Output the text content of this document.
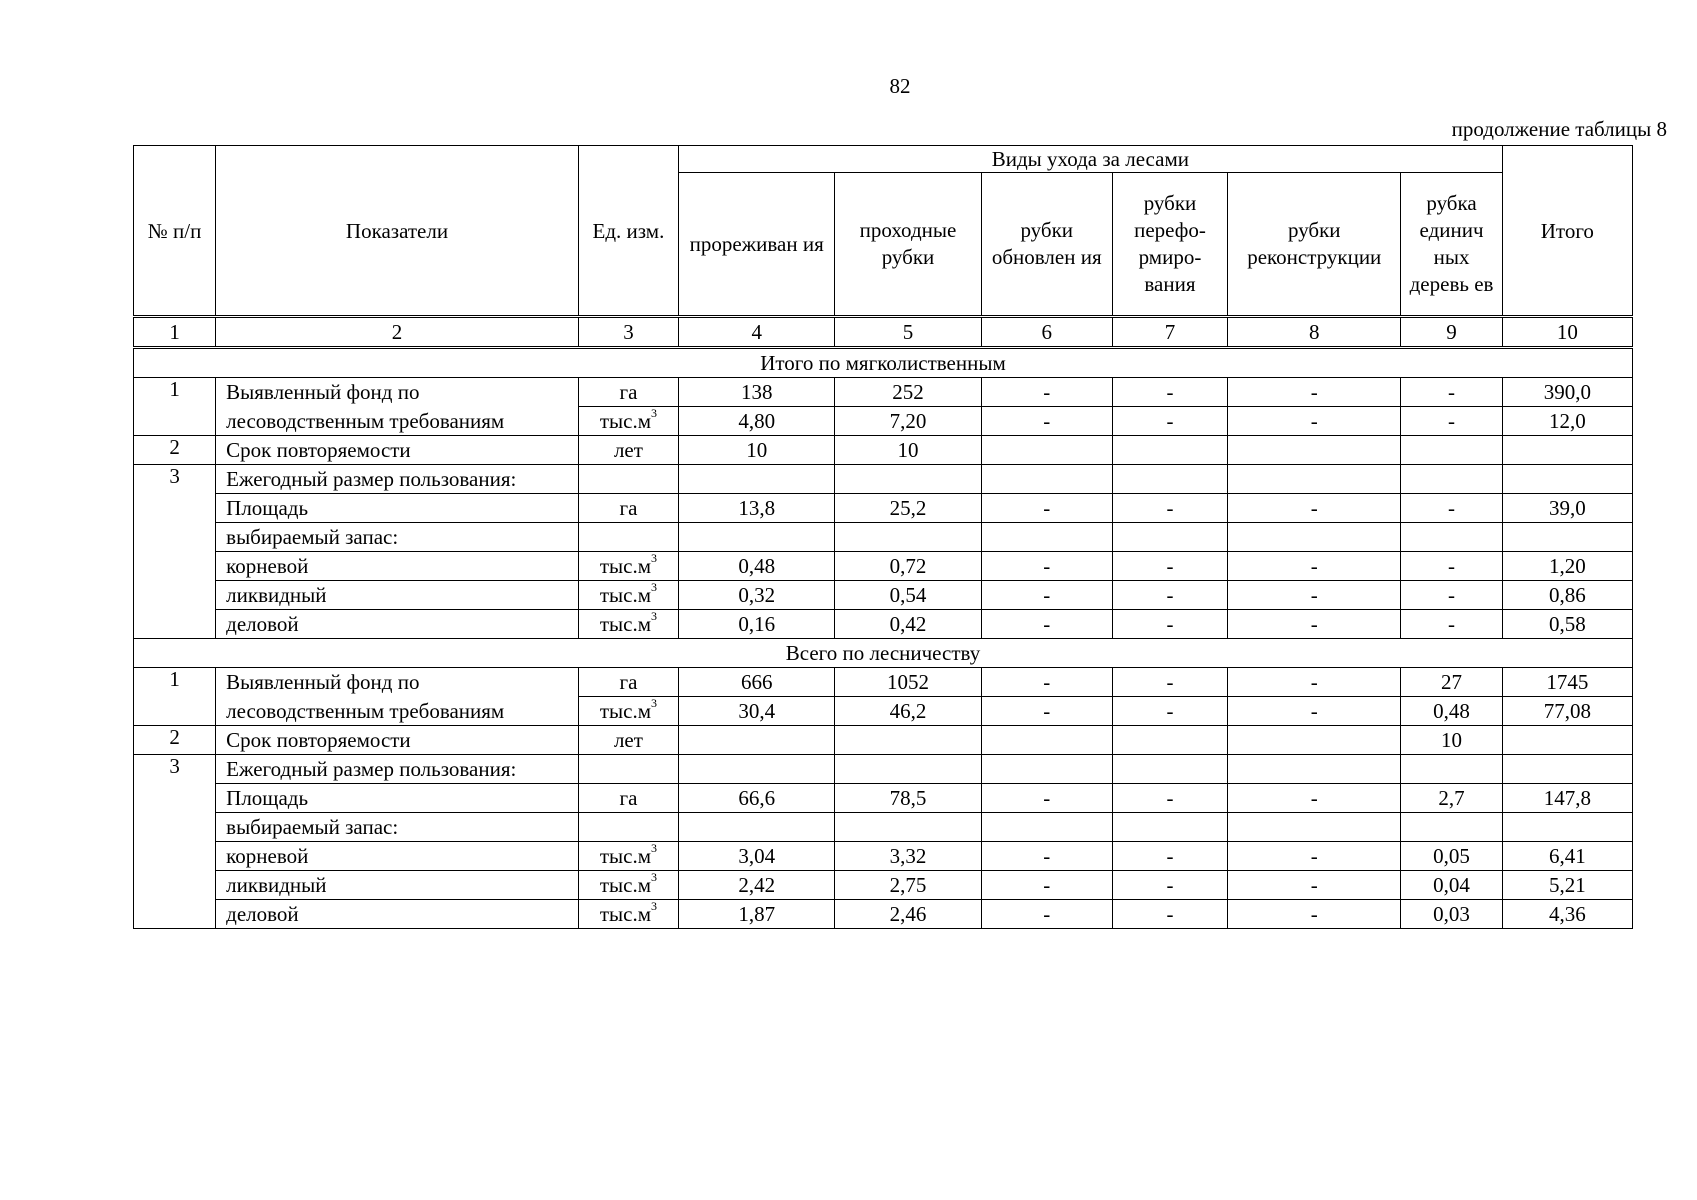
82
продолжение таблицы 8
№ п/п	Показатели	Ед. изм.	Виды ухода за лесами						Итого
			прореживан ия	проходные рубки	рубки обновлен ия	рубки перефо- рмиро- вания	рубки реконструкции	рубка единич ных деревь ев	
1	2	3	4	5	6	7	8	9	10
Итого по мягколиственным									
1	Выявленный фонд по	га	138	252	-	-	-	-	390,0
	лесоводственным требованиям	$тыс.м^3$	4,80	7,20	-	-	-	-	12,0
2	Срок повторяемости	лет	10	10					
3	Ежегодный размер пользования:								
	Площадь	га	13,8	25,2	-	-	-	-	39,0
	выбираемый запас:								
	корневой	$тыс.м^3$	0,48	0,72	-	-	-	-	1,20
	ликвидный	$тыс.м^3$	0,32	0,54	-	-	-	-	0,86
	деловой	$тыс.м^3$	0,16	0,42	-	-	-	-	0,58
Всего по лесничеству									
1	Выявленный фонд по	га	666	1052	-	-	-	27	1745
	лесоводственным требованиям	$тыс.м^3$	30,4	46,2	-	-	-	0,48	77,08
2	Срок повторяемости	лет						10	
3	Ежегодный размер пользования:								
	Площадь	га	66,6	78,5	-	-	-	2,7	147,8
	выбираемый запас:								
	корневой	$тыс.м^3$	3,04	3,32	-	-	-	0,05	6,41
	ликвидный	$тыс.м^3$	2,42	2,75	-	-	-	0,04	5,21
	деловой	$тыс.м^3$	1,87	2,46	-	-	-	0,03	4,36
